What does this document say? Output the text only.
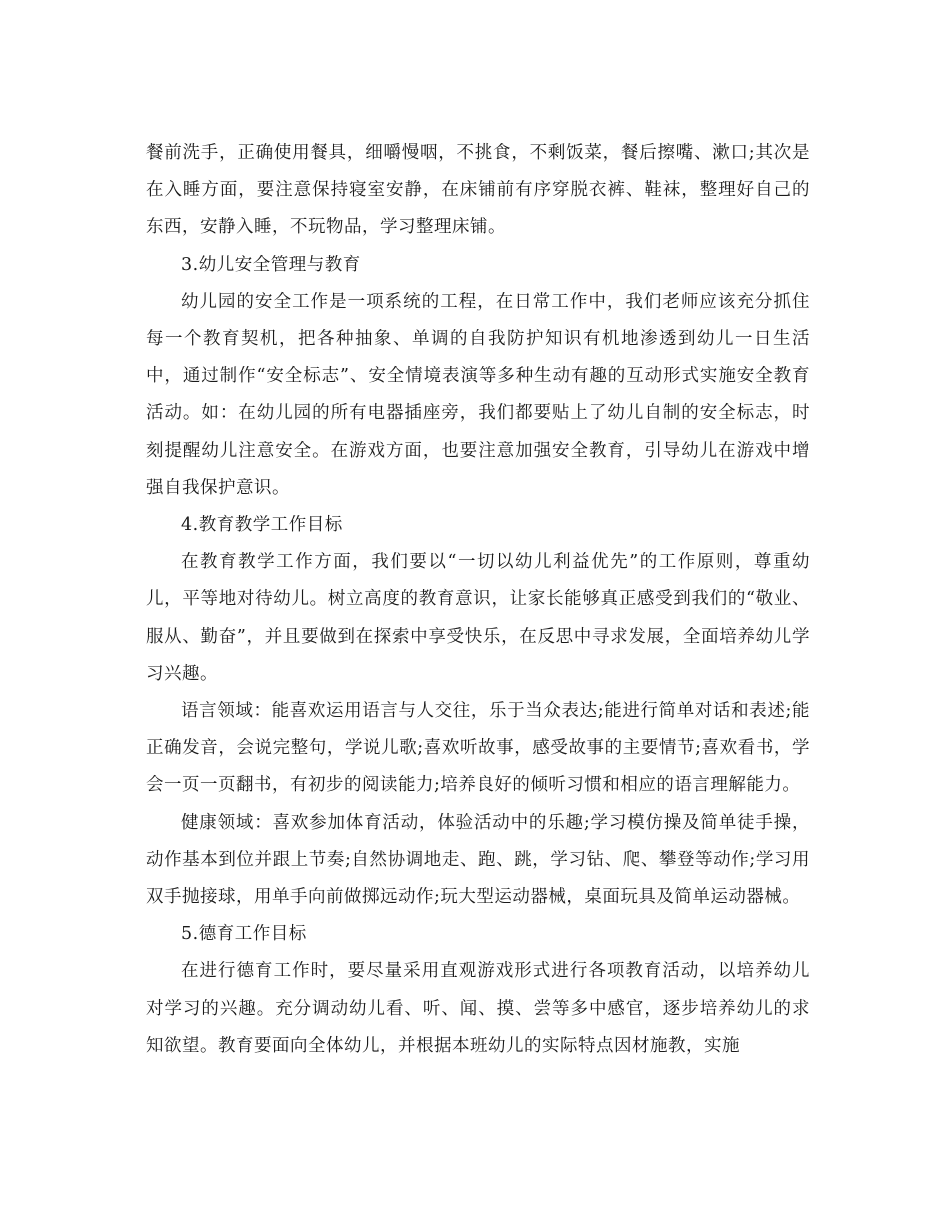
餐前洗手，正确使用餐具，细嚼慢咽，不挑食，不剩饭菜，餐后擦嘴、漱口;其次是在入睡方面，要注意保持寝室安静，在床铺前有序穿脱衣裤、鞋袜，整理好自己的东西，安静入睡，不玩物品，学习整理床铺。

3.幼儿安全管理与教育

幼儿园的安全工作是一项系统的工程，在日常工作中，我们老师应该充分抓住每一个教育契机，把各种抽象、单调的自我防护知识有机地渗透到幼儿一日生活中，通过制作“安全标志”、安全情境表演等多种生动有趣的互动形式实施安全教育活动。如：在幼儿园的所有电器插座旁，我们都要贴上了幼儿自制的安全标志，时刻提醒幼儿注意安全。在游戏方面，也要注意加强安全教育，引导幼儿在游戏中增强自我保护意识。

4.教育教学工作目标

在教育教学工作方面，我们要以“一切以幼儿利益优先”的工作原则，尊重幼儿，平等地对待幼儿。树立高度的教育意识，让家长能够真正感受到我们的“敬业、服从、勤奋”，并且要做到在探索中享受快乐，在反思中寻求发展，全面培养幼儿学习兴趣。

语言领域：能喜欢运用语言与人交往，乐于当众表达;能进行简单对话和表述;能正确发音，会说完整句，学说儿歌;喜欢听故事，感受故事的主要情节;喜欢看书，学会一页一页翻书，有初步的阅读能力;培养良好的倾听习惯和相应的语言理解能力。

健康领域：喜欢参加体育活动，体验活动中的乐趣;学习模仿操及简单徒手操，动作基本到位并跟上节奏;自然协调地走、跑、跳，学习钻、爬、攀登等动作;学习用双手抛接球，用单手向前做掷远动作;玩大型运动器械，桌面玩具及简单运动器械。

5.德育工作目标

在进行德育工作时，要尽量采用直观游戏形式进行各项教育活动，以培养幼儿对学习的兴趣。充分调动幼儿看、听、闻、摸、尝等多中感官，逐步培养幼儿的求知欲望。教育要面向全体幼儿，并根据本班幼儿的实际特点因材施教，实施
